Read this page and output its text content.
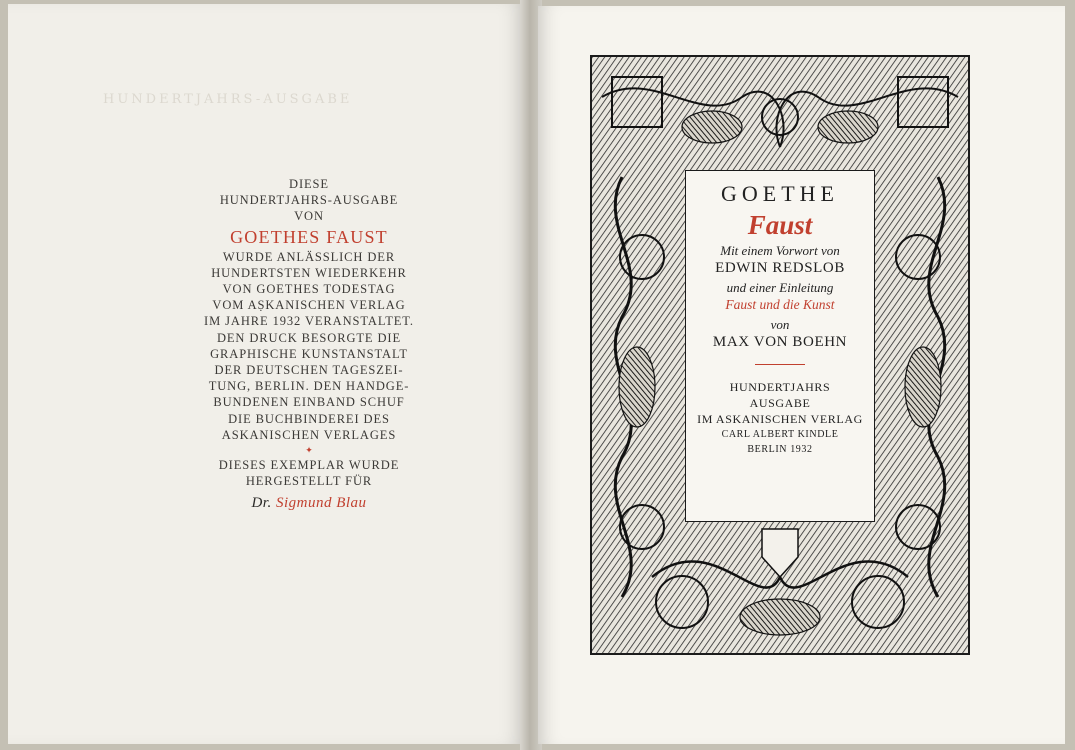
HUNDERTJAHRS-AUSGABE
DIESE
HUNDERTJAHRS-AUSGABE
VON
GOETHES FAUST
WURDE ANLÄSSLICH DER
HUNDERTSTEN WIEDERKEHR
VON GOETHES TODESTAG
VOM AṢKANISCHEN VERLAG
IM JAHRE 1932 VERANSTALTET.
DEN DRUCK BESORGTE DIE
GRAPHISCHE KUNSTANSTALT
DER DEUTSCHEN TAGESZEI-
TUNG, BERLIN. DEN HANDGE-
BUNDENEN EINBAND SCHUF
DIE BUCHBINDEREI DES
ASKANISCHEN VERLAGES
✦
DIESES EXEMPLAR WURDE
HERGESTELLT FÜR
Dr. Sigmund Blau
GOETHE
Faust
Mit einem Vorwort von
EDWIN REDSLOB
und einer Einleitung
Faust und die Kunst
von
MAX VON BOEHN
HUNDERTJAHRS
AUSGABE
IM ASKANISCHEN VERLAG
CARL ALBERT KINDLE
BERLIN 1932
